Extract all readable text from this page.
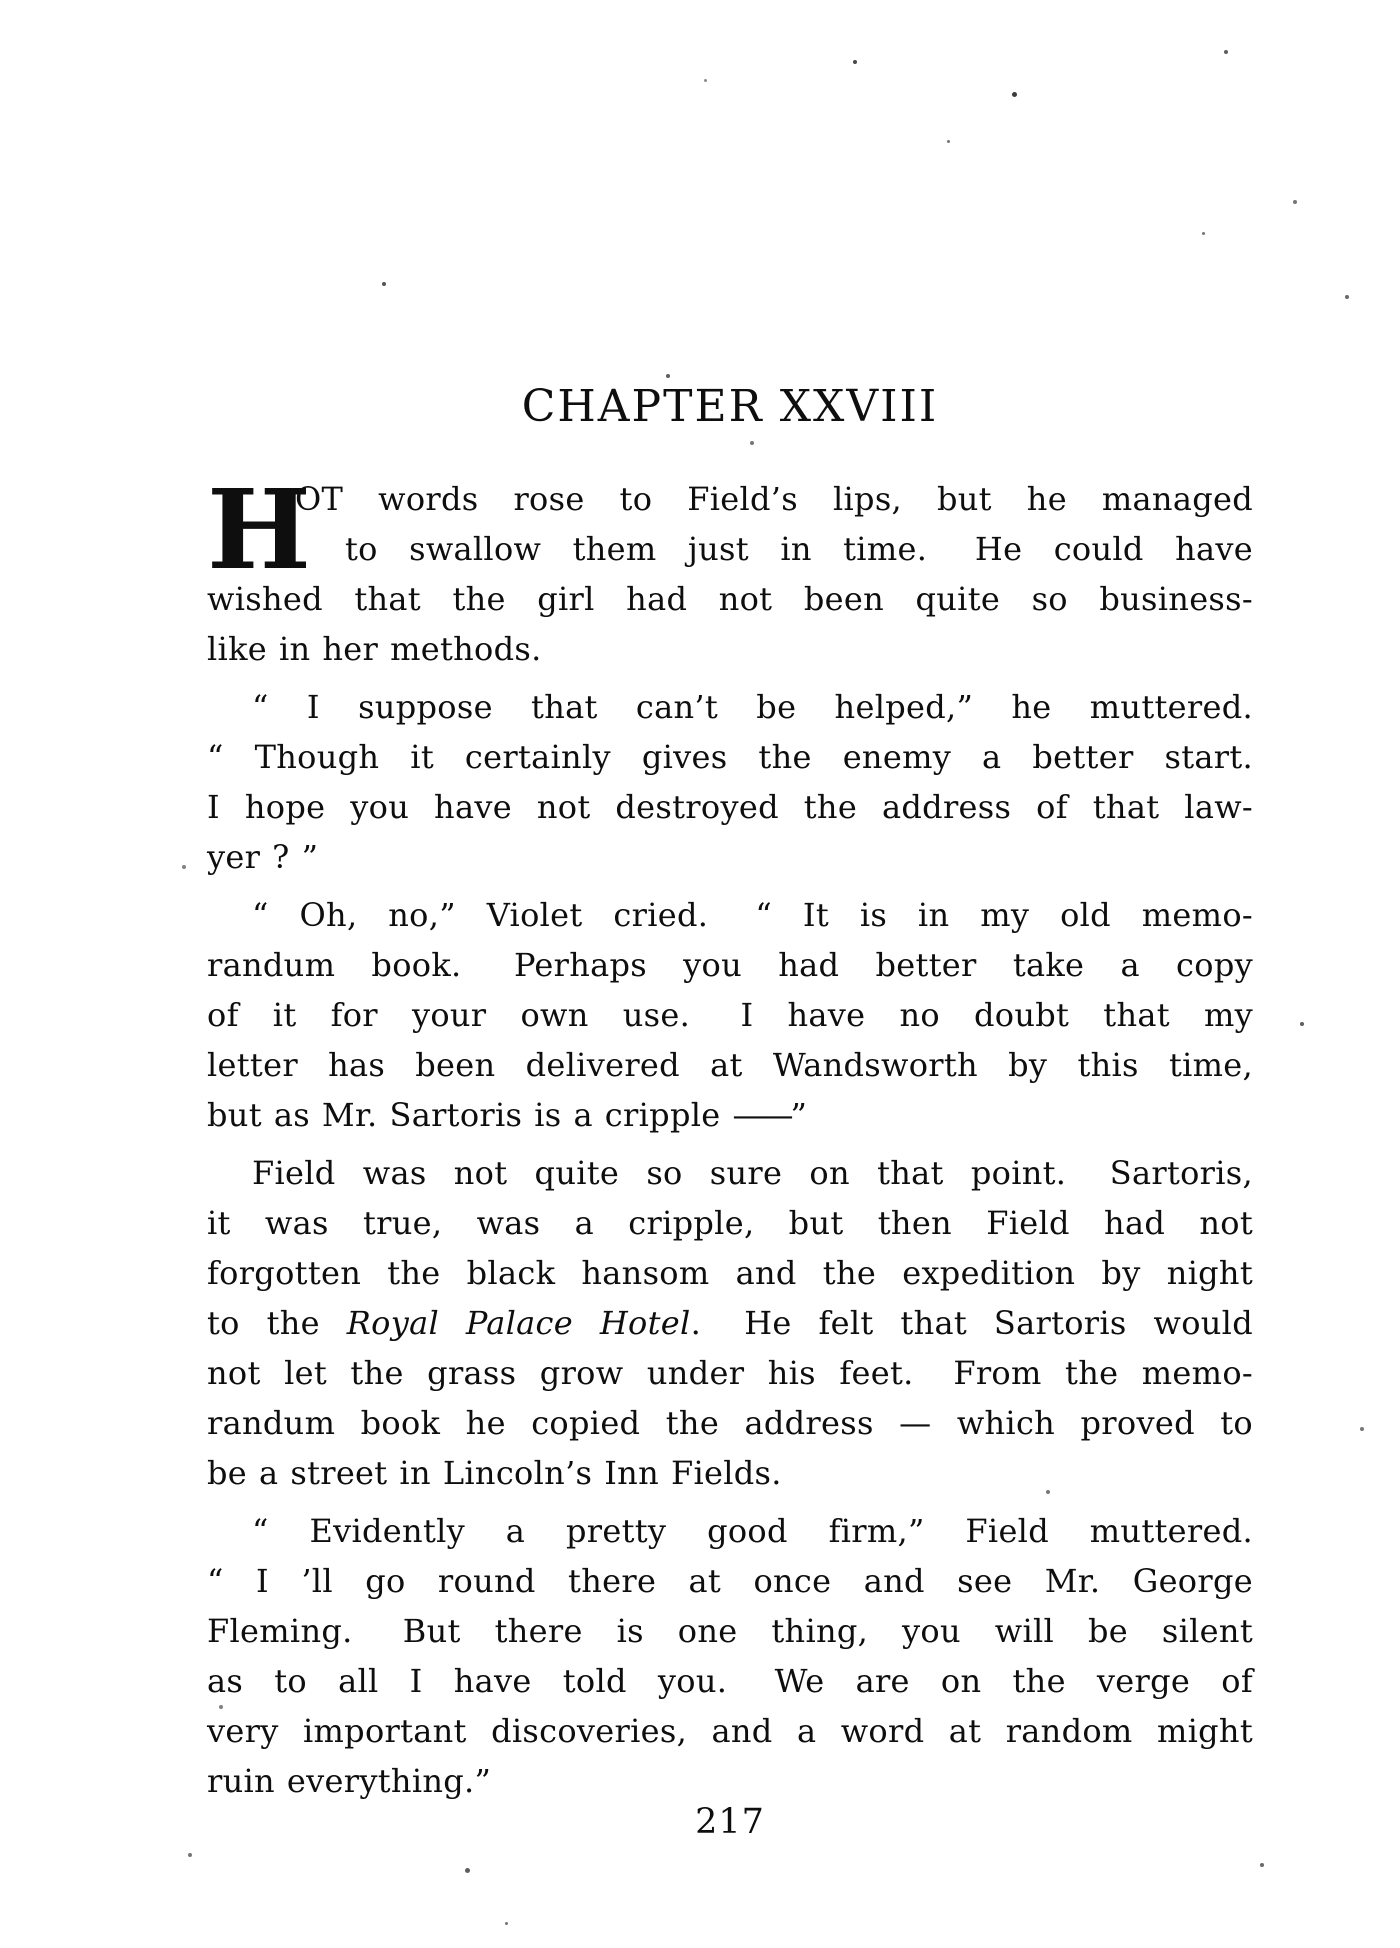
CHAPTER XXVIII
H
OT words rose to Field’s lips, but he managed
to swallow them just in time.  He could have
wished that the girl had not been quite so business-
like in her methods.
“ I suppose that can’t be helped,” he muttered.
“ Though it certainly gives the enemy a better start.
I hope you have not destroyed the address of that law-
yer ? ”
“ Oh, no,” Violet cried.  “ It is in my old memo-
randum book.  Perhaps you had better take a copy
of it for your own use.  I have no doubt that my
letter has been delivered at Wandsworth by this time,
but as Mr. Sartoris is a cripple ——”
Field was not quite so sure on that point.  Sartoris,
it was true, was a cripple, but then Field had not
forgotten the black hansom and the expedition by night
to the Royal Palace Hotel.  He felt that Sartoris would
not let the grass grow under his feet.  From the memo-
randum book he copied the address — which proved to
be a street in Lincoln’s Inn Fields.
“ Evidently a pretty good firm,” Field muttered.
“ I ’ll go round there at once and see Mr. George
Fleming.  But there is one thing, you will be silent
as to all I have told you.  We are on the verge of
very important discoveries, and a word at random might
ruin everything.”
217
